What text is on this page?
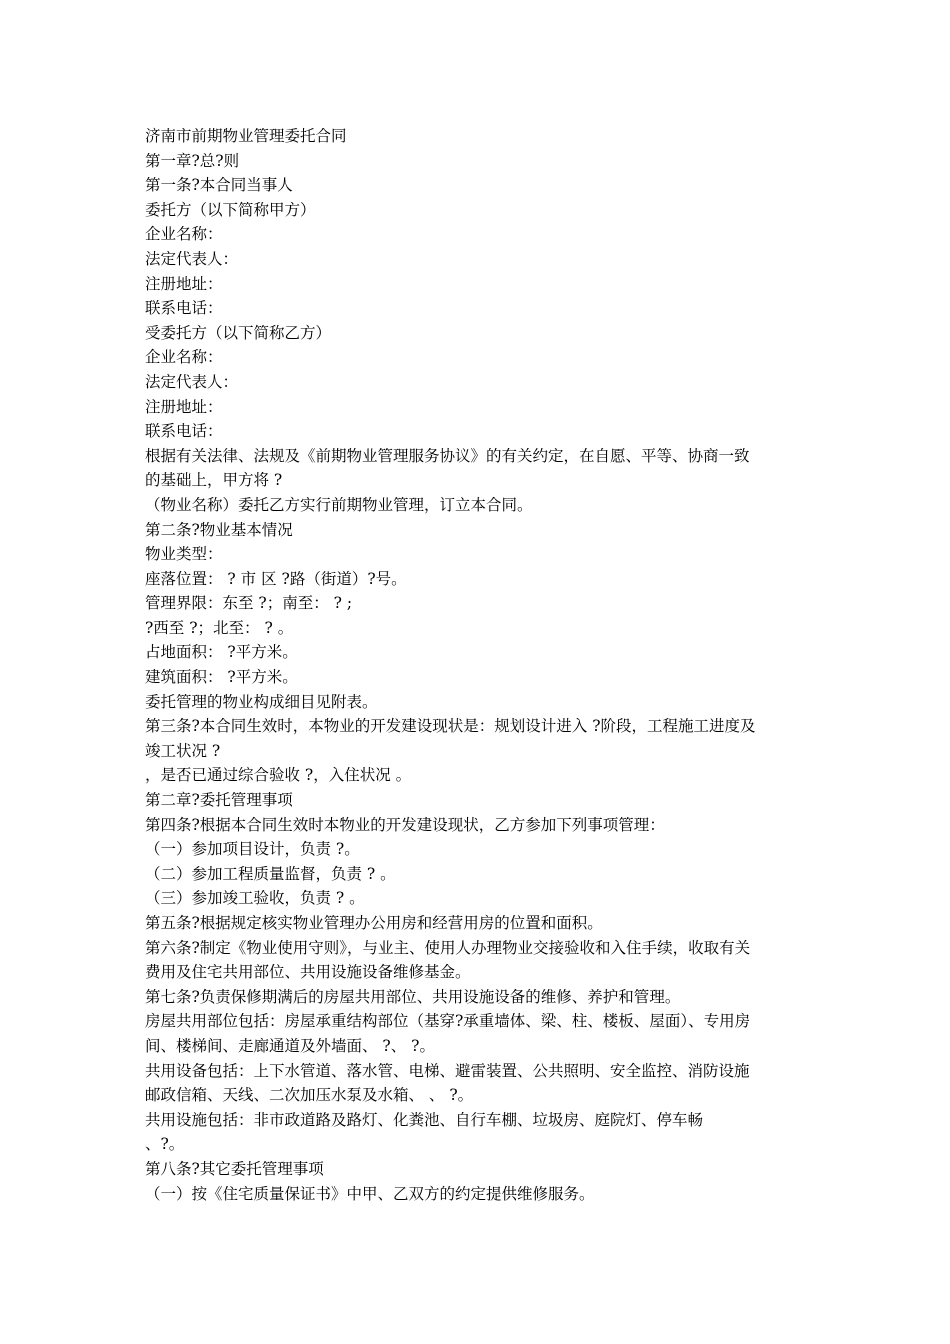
济南市前期物业管理委托合同
第一章?总?则
第一条?本合同当事人
委托方（以下简称甲方）
企业名称：
法定代表人：
注册地址：
联系电话：
受委托方（以下简称乙方）
企业名称：
法定代表人：
注册地址：
联系电话：
根据有关法律、法规及《前期物业管理服务协议》的有关约定，在自愿、平等、协商一致
的基础上，甲方将 ?
（物业名称）委托乙方实行前期物业管理，订立本合同。
第二条?物业基本情况
物业类型：
座落位置： ? 市 区 ?路（街道）?号。
管理界限：东至 ?；南至： ? ;
?西至 ?；北至： ? 。
占地面积： ?平方米。
建筑面积： ?平方米。
委托管理的物业构成细目见附表。
第三条?本合同生效时，本物业的开发建设现状是：规划设计进入 ?阶段，工程施工进度及
竣工状况 ?
，是否已通过综合验收 ?，入住状况 。
第二章?委托管理事项
第四条?根据本合同生效时本物业的开发建设现状，乙方参加下列事项管理：
（一）参加项目设计，负责 ?。
（二）参加工程质量监督，负责 ? 。
（三）参加竣工验收，负责 ? 。
第五条?根据规定核实物业管理办公用房和经营用房的位置和面积。
第六条?制定《物业使用守则》，与业主、使用人办理物业交接验收和入住手续，收取有关
费用及住宅共用部位、共用设施设备维修基金。
第七条?负责保修期满后的房屋共用部位、共用设施设备的维修、养护和管理。
房屋共用部位包括：房屋承重结构部位（基穿?承重墙体、梁、柱、楼板、屋面）、专用房
间、楼梯间、走廊通道及外墙面、 ?、 ?。
共用设备包括：上下水管道、落水管、电梯、避雷装置、公共照明、安全监控、消防设施
邮政信箱、天线、二次加压水泵及水箱、 、 ?。
共用设施包括：非市政道路及路灯、化粪池、自行车棚、垃圾房、庭院灯、停车畅
、?。
第八条?其它委托管理事项
（一）按《住宅质量保证书》中甲、乙双方的约定提供维修服务。
